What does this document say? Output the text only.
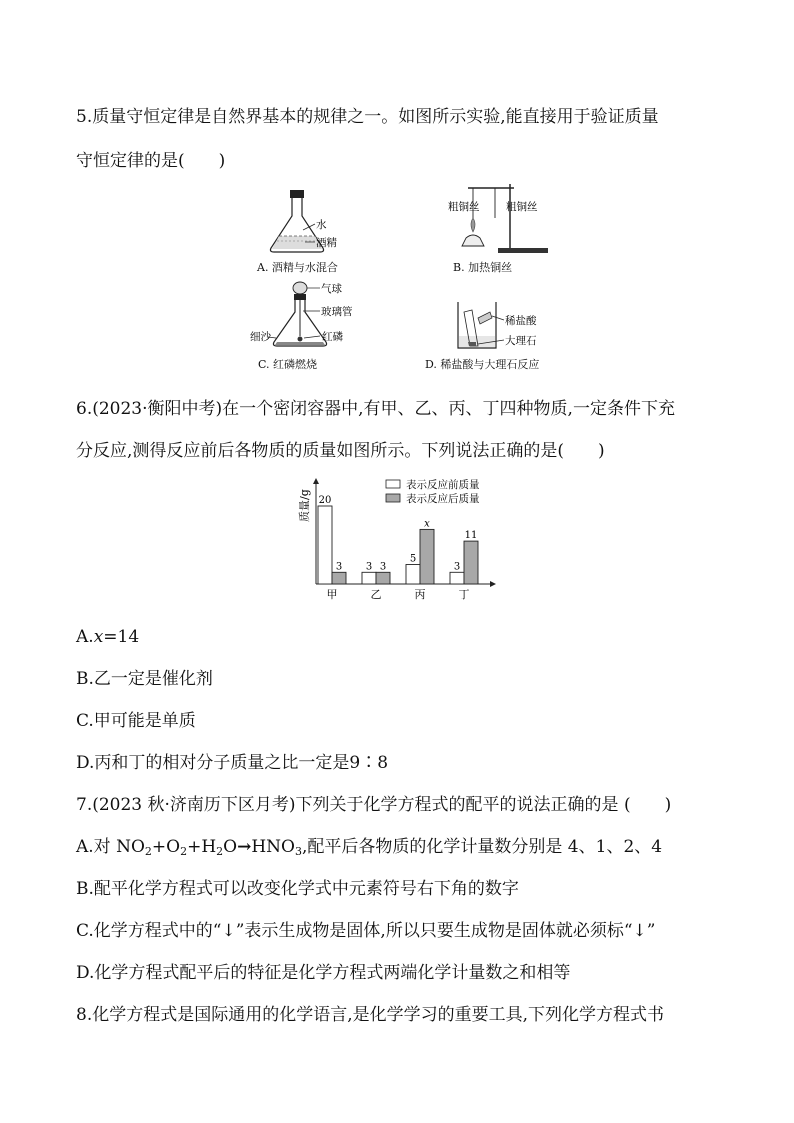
5.质量守恒定律是自然界基本的规律之一。如图所示实验,能直接用于验证质量
守恒定律的是(　　)
水
酒精
A. 酒精与水混合
粗铜丝	粗铜丝
B. 加热铜丝
气球
玻璃管
细沙	红磷
C. 红磷燃烧
稀盐酸
大理石
D. 稀盐酸与大理石反应
6.(2023·衡阳中考)在一个密闭容器中,有甲、乙、丙、丁四种物质,一定条件下充
分反应,测得反应前后各物质的质量如图所示。下列说法正确的是(　　)
质量/g
表示反应前质量
表示反应后质量
20
3
甲
3 3
乙
5
x
丙
3
11
丁
A.x=14
B.乙一定是催化剂
C.甲可能是单质
D.丙和丁的相对分子质量之比一定是9∶8
7.(2023 秋·济南历下区月考)下列关于化学方程式的配平的说法正确的是 (　　)
A.对 $NO_2+O_2+H_2O\to HNO_3$,配平后各物质的化学计量数分别是 4、1、2、4
B.配平化学方程式可以改变化学式中元素符号右下角的数字
C.化学方程式中的“↓”表示生成物是固体,所以只要生成物是固体就必须标“↓”
D.化学方程式配平后的特征是化学方程式两端化学计量数之和相等
8.化学方程式是国际通用的化学语言,是化学学习的重要工具,下列化学方程式书
